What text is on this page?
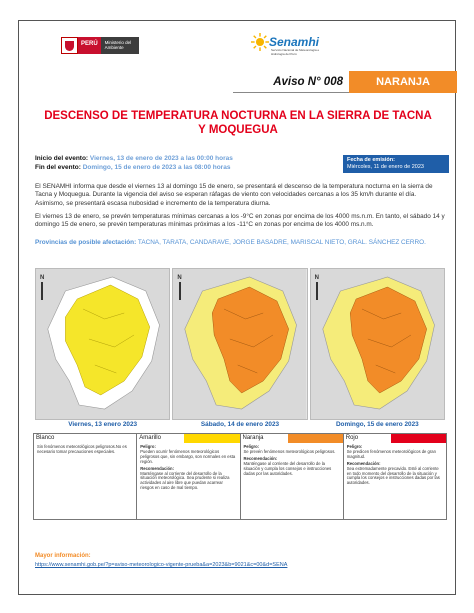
PERÚ	Ministerio del Ambiente	Senamhi
Servicio Nacional de Meteorología e Hidrología del Perú
Aviso N° 008	NARANJA
DESCENSO DE TEMPERATURA NOCTURNA EN LA SIERRA DE TACNA Y MOQUEGUA
Inicio del evento: Viernes, 13 de enero de 2023 a las 00:00 horas
Fin del evento: Domingo, 15 de enero de 2023 a las 08:00 horas
Fecha de emisión:
Miércoles, 11 de enero de 2023

El SENAMHI informa que desde el viernes 13 al domingo 15 de enero, se presentará el descenso de la temperatura nocturna en la sierra de Tacna y Moquegua. Durante la vigencia del aviso se esperan ráfagas de viento con velocidades cercanas a los 35 km/h durante el día. Asimismo, se presentará escasa nubosidad e incremento de la temperatura diurna.

El viernes 13 de enero, se prevén temperaturas mínimas cercanas a los -9°C en zonas por encima de los 4000 ms.n.m. En tanto, el sábado 14 y domingo 15 de enero, se prevén temperaturas mínimas próximas a los -11°C en zonas por encima de los 4000 ms.n.m.

Provincias de posible afectación: TACNA, TARATA, CANDARAVE, JORGE BASADRE, MARISCAL NIETO, GRAL. SÁNCHEZ CERRO.
N	N	N
Viernes, 13 enero 2023	Sábado, 14 de enero 2023	Domingo, 15 de enero 2023
Blanco
Sin fenómenos meteorológicos peligrosos.No es necesario tomar precauciones especiales.
Amarillo
Peligro:
Pueden ocurrir fenómenos meteorológicos peligrosos que, sin embargo, son normales en esta región.
Recomendación:
Manténgase al corriente del desarrollo de la situación meteorológica. Sea prudente si realiza actividades al aire libre que puedan acarrear riesgos en caso de mal tiempo.
Naranja
Peligro:
Se prevén fenómenos meteorológicos peligrosos.
Recomendación:
Manténgase al corriente del desarrollo de la situación y cumpla los consejos e instrucciones dadas por las autoridades.
Rojo
Peligro:
Se predicen fenómenos meteorológicos de gran magnitud.
Recomendación:
Sea extremadamente precavido. Esté al corriente en todo momento del desarrollo de la situación y cumpla los consejos e instrucciones dadas por las autoridades.
Mayor información:
https://www.senamhi.gob.pe/?p=aviso-meteorologico-vigente-prueba&a=2023&b=9021&c=00&d=SENA
